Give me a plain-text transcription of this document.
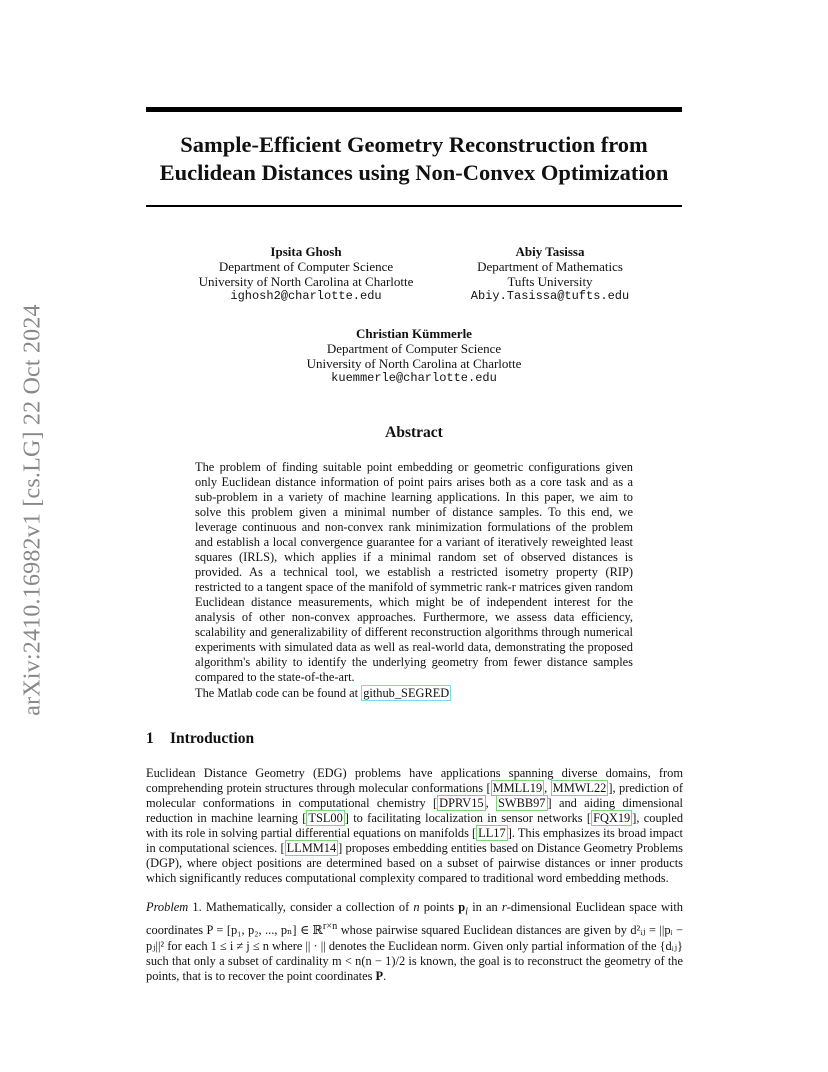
arXiv:2410.16982v1 [cs.LG] 22 Oct 2024
Sample-Efficient Geometry Reconstruction from
Euclidean Distances using Non-Convex Optimization
Ipsita Ghosh
Department of Computer Science
University of North Carolina at Charlotte
ighosh2@charlotte.edu
Abiy Tasissa
Department of Mathematics
Tufts University
Abiy.Tasissa@tufts.edu
Christian Kümmerle
Department of Computer Science
University of North Carolina at Charlotte
kuemmerle@charlotte.edu
Abstract

The problem of finding suitable point embedding or geometric configurations given only Euclidean distance information of point pairs arises both as a core task and as a sub-problem in a variety of machine learning applications. In this paper, we aim to solve this problem given a minimal number of distance samples. To this end, we leverage continuous and non-convex rank minimization formulations of the problem and establish a local convergence guarantee for a variant of iteratively reweighted least squares (IRLS), which applies if a minimal random set of observed distances is provided. As a technical tool, we establish a restricted isometry property (RIP) restricted to a tangent space of the manifold of symmetric rank-r matrices given random Euclidean distance measurements, which might be of independent interest for the analysis of other non-convex approaches. Furthermore, we assess data efficiency, scalability and generalizability of different reconstruction algorithms through numerical experiments with simulated data as well as real-world data, demonstrating the proposed algorithm's ability to identify the underlying geometry from fewer distance samples compared to the state-of-the-art.

The Matlab code can be found at github_SEGRED

1 Introduction

Euclidean Distance Geometry (EDG) problems have applications spanning diverse domains, from comprehending protein structures through molecular conformations [ MMLL19 , MMWL22 ], prediction of molecular conformations in computational chemistry [ DPRV15 , SWBB97 ] and aiding dimensional reduction in machine learning [ TSL00 ] to facilitating localization in sensor networks [ FQX19 ], coupled with its role in solving partial differential equations on manifolds [ LL17 ]. This emphasizes its broad impact in computational sciences. [ LLMM14 ] proposes embedding entities based on Distance Geometry Problems (DGP), where object positions are determined based on a subset of pairwise distances or inner products which significantly reduces computational complexity compared to traditional word embedding methods.

Problem 1. Mathematically, consider a collection of n points $p_i$ in an r-dimensional Euclidean space with coordinates P = [p₁, p₂, ..., pₙ] ∈ ℝ$^{r\times n}$ whose pairwise squared Euclidean distances are given by d²ᵢⱼ = ||pᵢ − pⱼ||² for each 1 ≤ i ≠ j ≤ n where || · || denotes the Euclidean norm. Given only partial information of the {dᵢⱼ} such that only a subset of cardinality m < n(n − 1)/2 is known, the goal is to reconstruct the geometry of the points, that is to recover the point coordinates P.
